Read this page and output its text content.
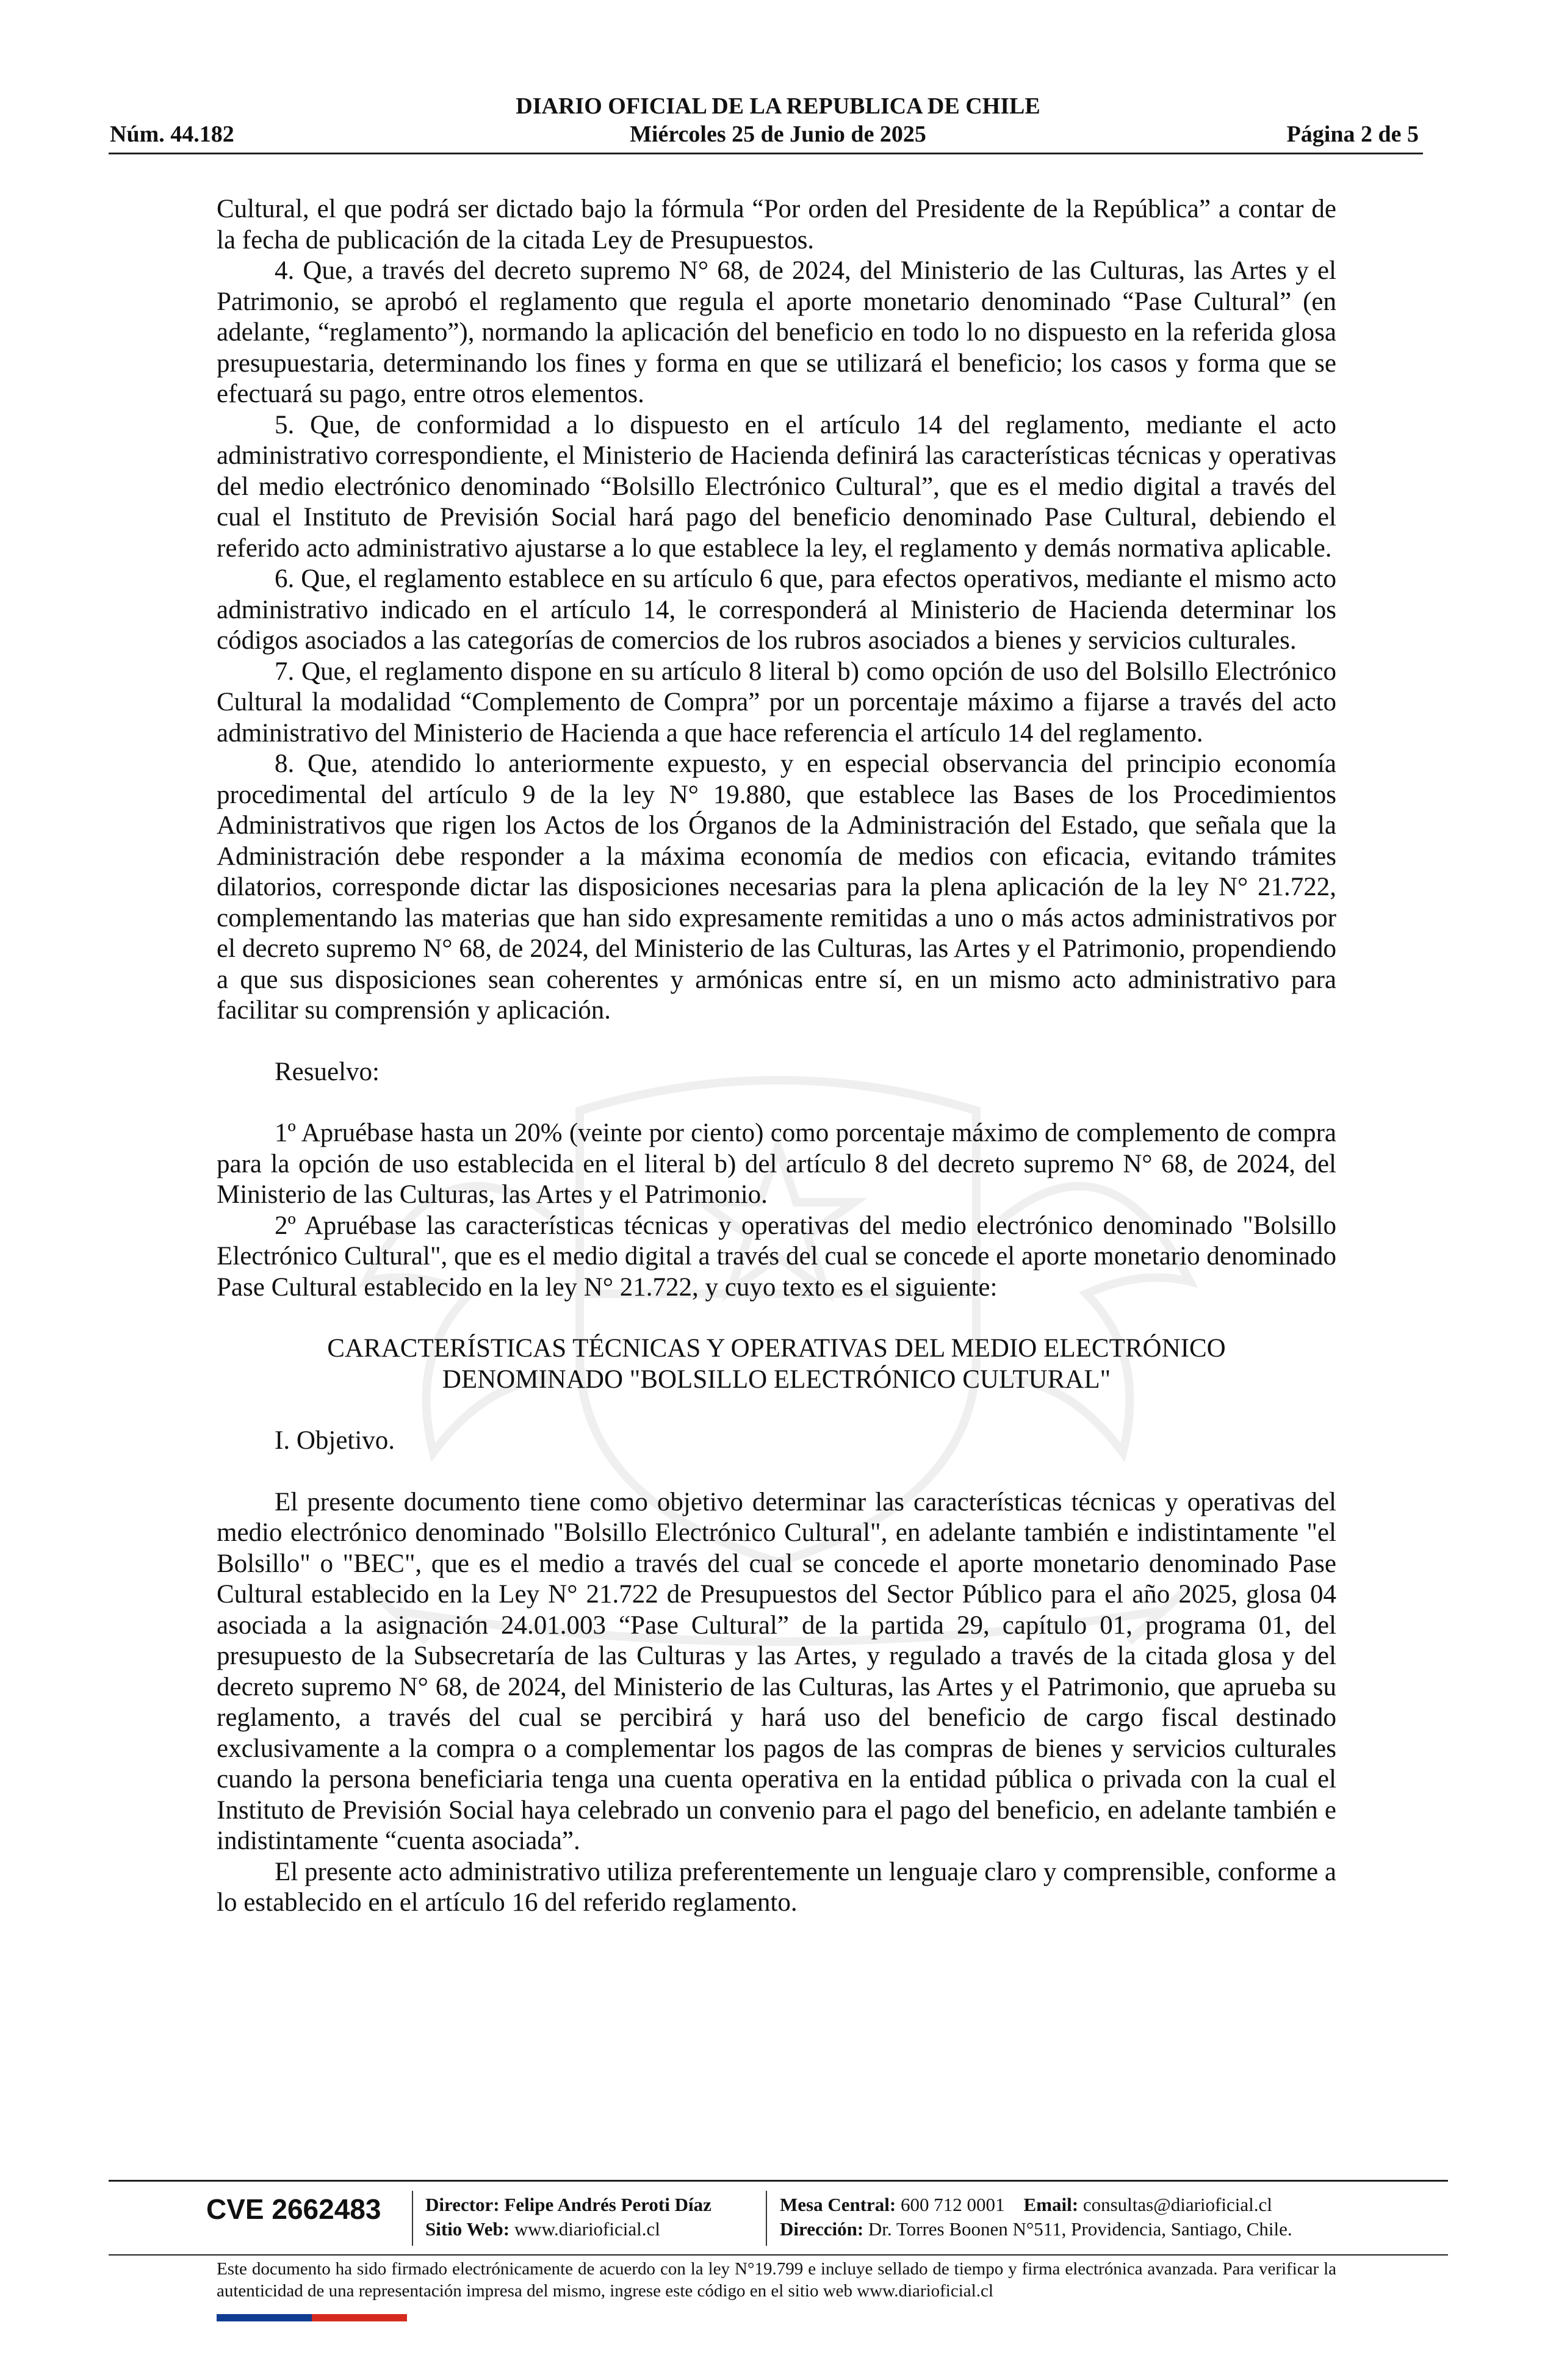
DIARIO OFICIAL DE LA REPUBLICA DE CHILE
Núm. 44.182	Miércoles 25 de Junio de 2025	Página 2 de 5

Cultural, el que podrá ser dictado bajo la fórmula “Por orden del Presidente de la República” a contar de la fecha de publicación de la citada Ley de Presupuestos.

4. Que, a través del decreto supremo N° 68, de 2024, del Ministerio de las Culturas, las Artes y el Patrimonio, se aprobó el reglamento que regula el aporte monetario denominado “Pase Cultural” (en adelante, “reglamento”), normando la aplicación del beneficio en todo lo no dispuesto en la referida glosa presupuestaria, determinando los fines y forma en que se utilizará el beneficio; los casos y forma que se efectuará su pago, entre otros elementos.

5. Que, de conformidad a lo dispuesto en el artículo 14 del reglamento, mediante el acto administrativo correspondiente, el Ministerio de Hacienda definirá las características técnicas y operativas del medio electrónico denominado “Bolsillo Electrónico Cultural”, que es el medio digital a través del cual el Instituto de Previsión Social hará pago del beneficio denominado Pase Cultural, debiendo el referido acto administrativo ajustarse a lo que establece la ley, el reglamento y demás normativa aplicable.

6. Que, el reglamento establece en su artículo 6 que, para efectos operativos, mediante el mismo acto administrativo indicado en el artículo 14, le corresponderá al Ministerio de Hacienda determinar los códigos asociados a las categorías de comercios de los rubros asociados a bienes y servicios culturales.

7. Que, el reglamento dispone en su artículo 8 literal b) como opción de uso del Bolsillo Electrónico Cultural la modalidad “Complemento de Compra” por un porcentaje máximo a fijarse a través del acto administrativo del Ministerio de Hacienda a que hace referencia el artículo 14 del reglamento.

8. Que, atendido lo anteriormente expuesto, y en especial observancia del principio economía procedimental del artículo 9 de la ley N° 19.880, que establece las Bases de los Procedimientos Administrativos que rigen los Actos de los Órganos de la Administración del Estado, que señala que la Administración debe responder a la máxima economía de medios con eficacia, evitando trámites dilatorios, corresponde dictar las disposiciones necesarias para la plena aplicación de la ley N° 21.722, complementando las materias que han sido expresamente remitidas a uno o más actos administrativos por el decreto supremo N° 68, de 2024, del Ministerio de las Culturas, las Artes y el Patrimonio, propendiendo a que sus disposiciones sean coherentes y armónicas entre sí, en un mismo acto administrativo para facilitar su comprensión y aplicación.

Resuelvo:

1º Apruébase hasta un 20% (veinte por ciento) como porcentaje máximo de complemento de compra para la opción de uso establecida en el literal b) del artículo 8 del decreto supremo N° 68, de 2024, del Ministerio de las Culturas, las Artes y el Patrimonio.

2º Apruébase las características técnicas y operativas del medio electrónico denominado "Bolsillo Electrónico Cultural", que es el medio digital a través del cual se concede el aporte monetario denominado Pase Cultural establecido en la ley N° 21.722, y cuyo texto es el siguiente:

CARACTERÍSTICAS TÉCNICAS Y OPERATIVAS DEL MEDIO ELECTRÓNICO

DENOMINADO "BOLSILLO ELECTRÓNICO CULTURAL"

I. Objetivo.

El presente documento tiene como objetivo determinar las características técnicas y operativas del medio electrónico denominado "Bolsillo Electrónico Cultural", en adelante también e indistintamente "el Bolsillo" o "BEC", que es el medio a través del cual se concede el aporte monetario denominado Pase Cultural establecido en la Ley N° 21.722 de Presupuestos del Sector Público para el año 2025, glosa 04 asociada a la asignación 24.01.003 “Pase Cultural” de la partida 29, capítulo 01, programa 01, del presupuesto de la Subsecretaría de las Culturas y las Artes, y regulado a través de la citada glosa y del decreto supremo N° 68, de 2024, del Ministerio de las Culturas, las Artes y el Patrimonio, que aprueba su reglamento, a través del cual se percibirá y hará uso del beneficio de cargo fiscal destinado exclusivamente a la compra o a complementar los pagos de las compras de bienes y servicios culturales cuando la persona beneficiaria tenga una cuenta operativa en la entidad pública o privada con la cual el Instituto de Previsión Social haya celebrado un convenio para el pago del beneficio, en adelante también e indistintamente “cuenta asociada”.

El presente acto administrativo utiliza preferentemente un lenguaje claro y comprensible, conforme a lo establecido en el artículo 16 del referido reglamento.

CVE 2662483 Director: Felipe Andrés Peroti Díaz
Sitio Web: www.diarioficial.cl
Mesa Central: 600 712 0001 Email: consultas@diarioficial.cl
Dirección: Dr. Torres Boonen N°511, Providencia, Santiago, Chile.
Este documento ha sido firmado electrónicamente de acuerdo con la ley N°19.799 e incluye sellado de tiempo y firma electrónica avanzada. Para verificar la autenticidad de una representación impresa del mismo, ingrese este código en el sitio web www.diarioficial.cl
